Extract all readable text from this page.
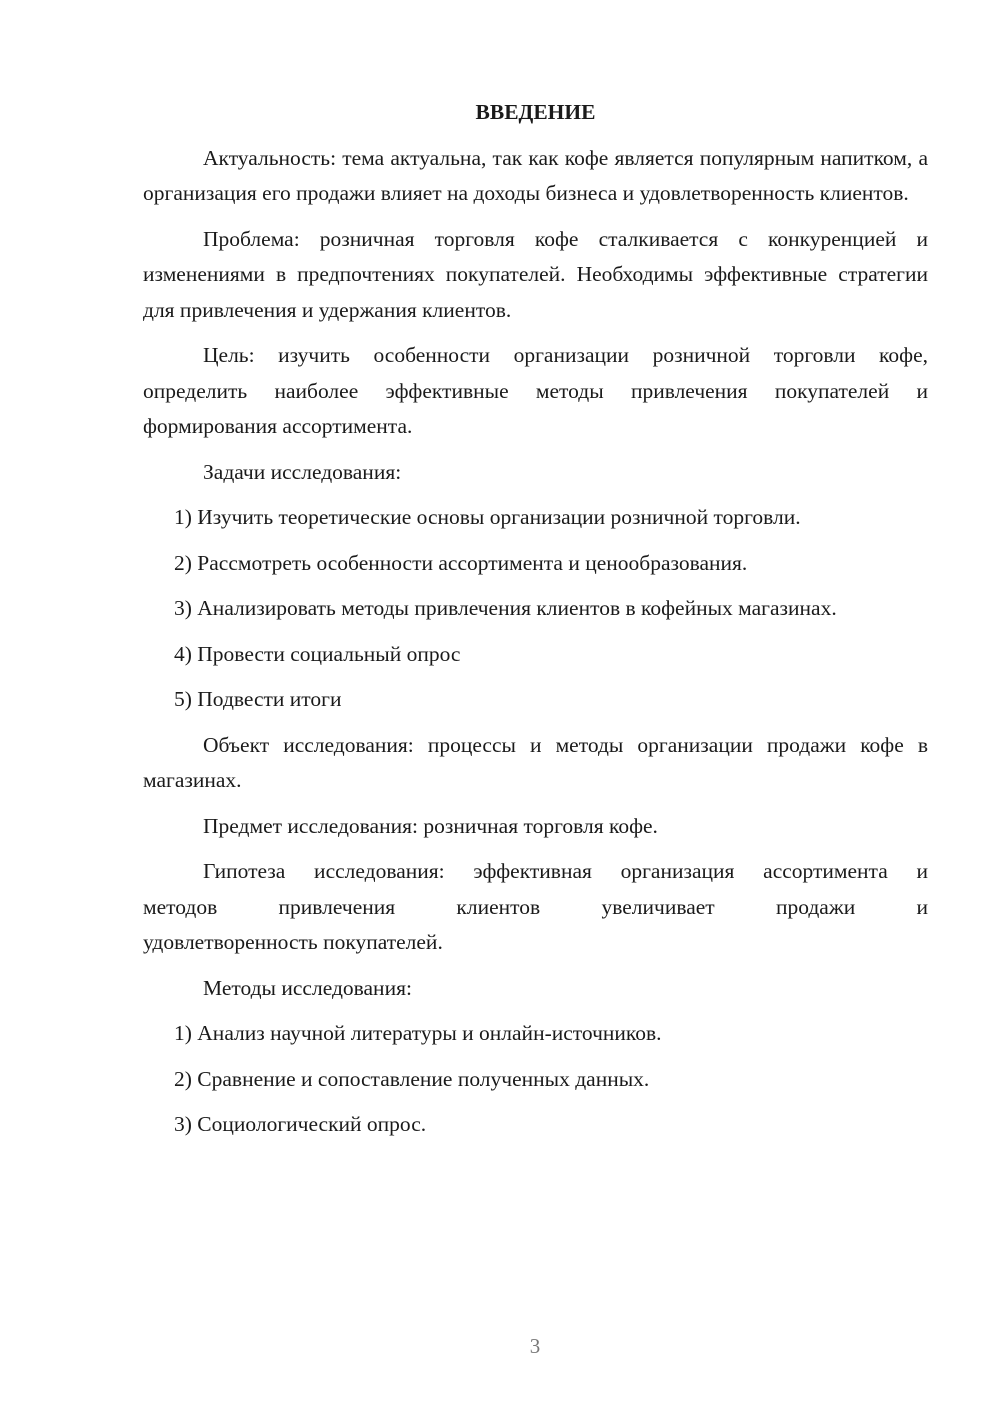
ВВЕДЕНИЕ

Актуальность: тема актуальна, так как кофе является популярным напитком, а организация его продажи влияет на доходы бизнеса и удовлетворенность клиентов.

Проблема: розничная торговля кофе сталкивается с конкуренцией и изменениями в предпочтениях покупателей. Необходимы эффективные стратегии для привлечения и удержания клиентов.

Цель: изучить особенности организации розничной торговли кофе, определить наиболее эффективные методы привлечения покупателей и формирования ассортимента.

Задачи исследования:

1) Изучить теоретические основы организации розничной торговли.

2) Рассмотреть особенности ассортимента и ценообразования.

3) Анализировать методы привлечения клиентов в кофейных магазинах.

4) Провести социальный опрос

5) Подвести итоги

Объект исследования: процессы и методы организации продажи кофе в магазинах.

Предмет исследования: розничная торговля кофе.

Гипотеза исследования: эффективная организация ассортимента и
методов привлечения клиентов увеличивает продажи и
удовлетворенность покупателей.

Методы исследования:

1) Анализ научной литературы и онлайн-источников.

2) Сравнение и сопоставление полученных данных.

3) Социологический опрос.

3
